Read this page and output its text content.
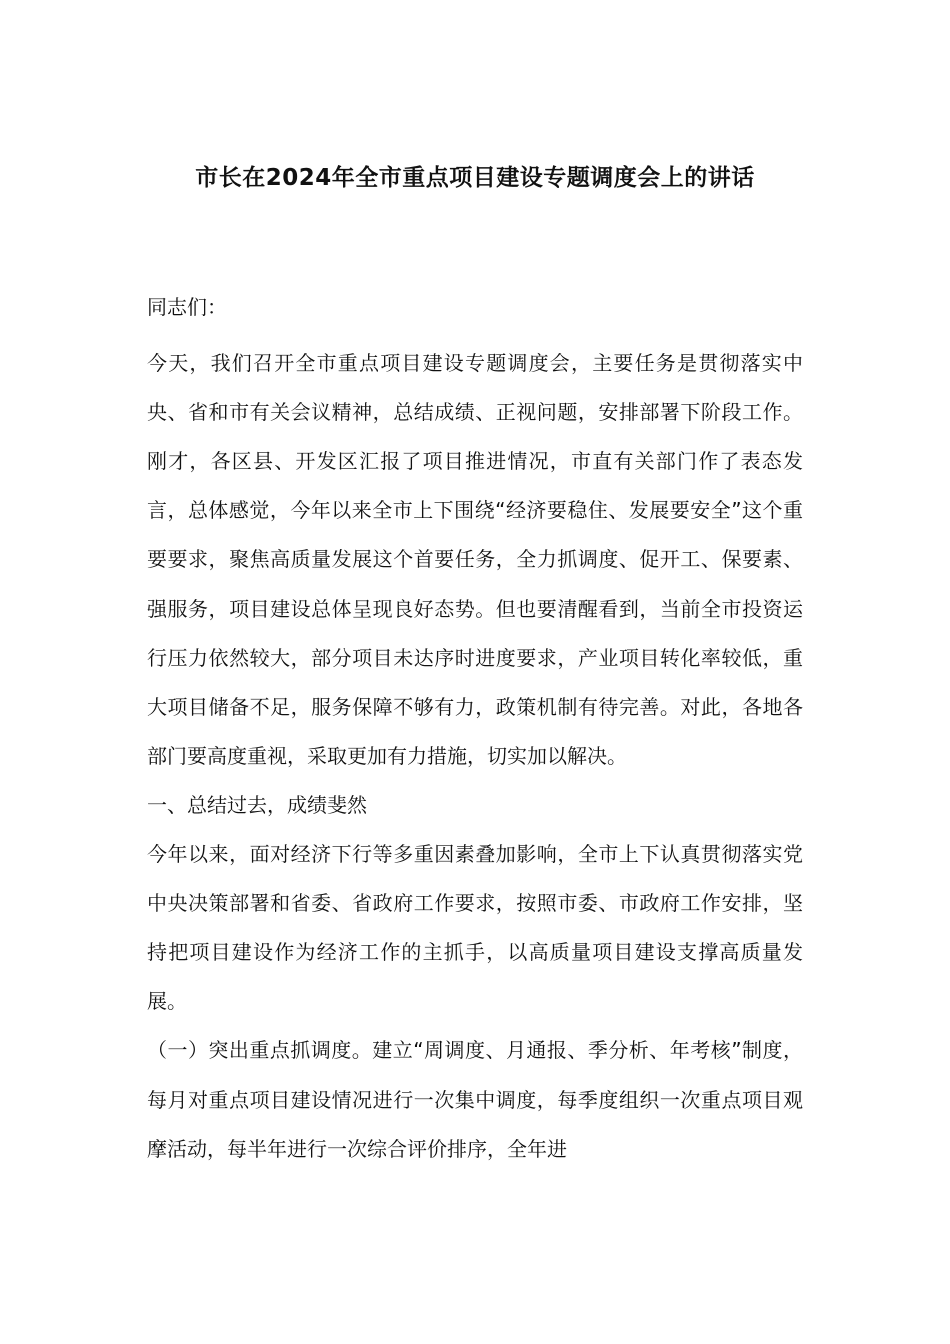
市长在2024年全市重点项目建设专题调度会上的讲话

同志们：

今天，我们召开全市重点项目建设专题调度会，主要任务是贯彻落实中央、省和市有关会议精神，总结成绩、正视问题，安排部署下阶段工作。刚才，各区县、开发区汇报了项目推进情况，市直有关部门作了表态发言，总体感觉，今年以来全市上下围绕“经济要稳住、发展要安全”这个重要要求，聚焦高质量发展这个首要任务，全力抓调度、促开工、保要素、强服务，项目建设总体呈现良好态势。但也要清醒看到，当前全市投资运行压力依然较大，部分项目未达序时进度要求，产业项目转化率较低，重大项目储备不足，服务保障不够有力，政策机制有待完善。对此，各地各部门要高度重视，采取更加有力措施，切实加以解决。

一、总结过去，成绩斐然

今年以来，面对经济下行等多重因素叠加影响，全市上下认真贯彻落实党中央决策部署和省委、省政府工作要求，按照市委、市政府工作安排，坚持把项目建设作为经济工作的主抓手，以高质量项目建设支撑高质量发展。

（一）突出重点抓调度。建立“周调度、月通报、季分析、年考核”制度，每月对重点项目建设情况进行一次集中调度，每季度组织一次重点项目观摩活动，每半年进行一次综合评价排序，全年进
